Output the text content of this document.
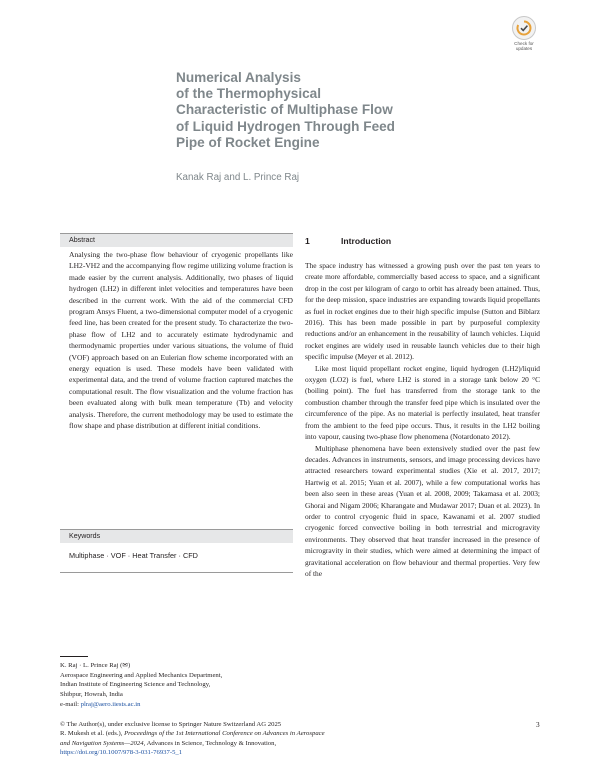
Check for updates
Numerical Analysis
of the Thermophysical
Characteristic of Multiphase Flow
of Liquid Hydrogen Through Feed
Pipe of Rocket Engine
Kanak Raj and L. Prince Raj
Abstract

Analysing the two-phase flow behaviour of cryogenic propellants like LH2-VH2 and the accompanying flow regime utilizing volume fraction is made easier by the current analysis. Additionally, two phases of liquid hydrogen (LH2) in different inlet velocities and temperatures have been described in the current work. With the aid of the commercial CFD program Ansys Fluent, a two-dimensional computer model of a cryogenic feed line, has been created for the present study. To characterize the two-phase flow of LH2 and to accurately estimate hydrodynamic and thermodynamic properties under various situations, the volume of fluid (VOF) approach based on an Eulerian flow scheme incorporated with an energy equation is used. These models have been validated with experimental data, and the trend of volume fraction captured matches the computational result. The flow visualization and the volume fraction has been evaluated along with bulk mean temperature (Tb) and velocity analysis. Therefore, the current methodology may be used to estimate the flow shape and phase distribution at different initial conditions.

Keywords
Multiphase · VOF · Heat Transfer · CFD
K. Raj · L. Prince Raj (✉)
Aerospace Engineering and Applied Mechanics Department,
Indian Institute of Engineering Science and Technology,
Shibpur, Howrah, India
e-mail: plraj@aero.iiests.ac.in
© The Author(s), under exclusive license to Springer Nature Switzerland AG 2025
R. Mukesh et al. (eds.), Proceedings of the 1st International Conference on Advances in Aerospace
and Navigation Systems—2024, Advances in Science, Technology & Innovation,
https://doi.org/10.1007/978-3-031-76937-5_1
3
1	Introduction

The space industry has witnessed a growing push over the past ten years to create more affordable, commercially based access to space, and a significant drop in the cost per kilogram of cargo to orbit has already been attained. Thus, for the deep mission, space industries are expanding towards liquid propellants as fuel in rocket engines due to their high specific impulse (Sutton and Biblarz 2016). This has been made possible in part by purposeful complexity reductions and/or an enhancement in the reusability of launch vehicles. Liquid rocket engines are widely used in reusable launch vehicles due to their high specific impulse (Meyer et al. 2012).

Like most liquid propellant rocket engine, liquid hydrogen (LH2)/liquid oxygen (LO2) is fuel, where LH2 is stored in a storage tank below 20 °C (boiling point). The fuel has transferred from the storage tank to the combustion chamber through the transfer feed pipe which is insulated over the circumference of the pipe. As no material is perfectly insulated, heat transfer from the ambient to the feed pipe occurs. Thus, it results in the LH2 boiling into vapour, causing two-phase flow phenomena (Notardonato 2012).

Multiphase phenomena have been extensively studied over the past few decades. Advances in instruments, sensors, and image processing devices have attracted researchers toward experimental studies (Xie et al. 2017, 2017; Hartwig et al. 2015; Yuan et al. 2007), while a few computational works has been also seen in these areas (Yuan et al. 2008, 2009; Takamasa et al. 2003; Ghorai and Nigam 2006; Kharangate and Mudawar 2017; Duan et al. 2023). In order to control cryogenic fluid in space, Kawanami et al. 2007 studied cryogenic forced convective boiling in both terrestrial and microgravity environments. They observed that heat transfer increased in the presence of microgravity in their studies, which were aimed at determining the impact of gravitational acceleration on flow behaviour and thermal properties. Very few of the
